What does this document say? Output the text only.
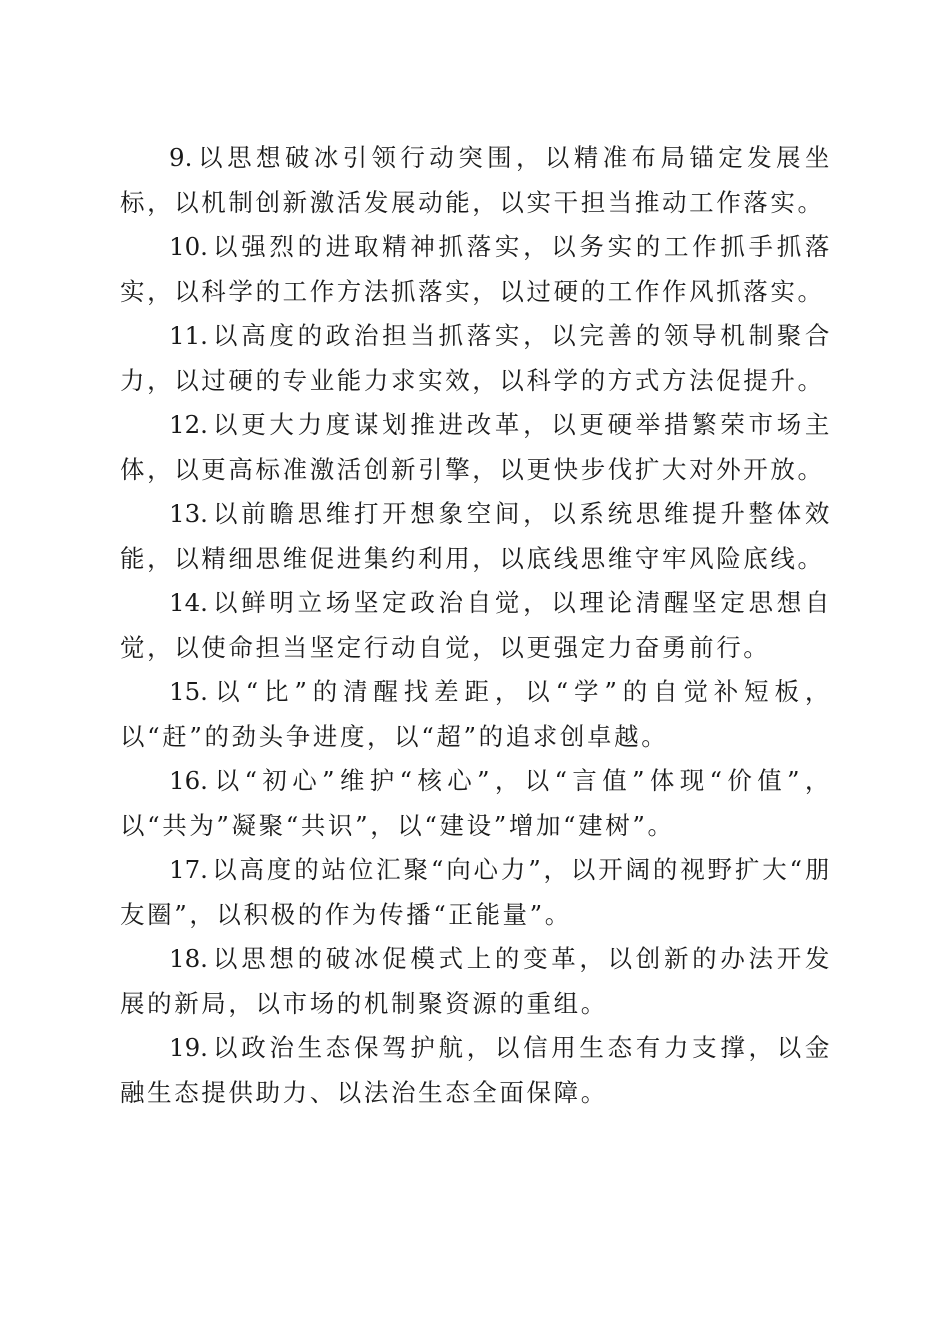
9. 以思想破冰引领行动突围，以精准布局锚定发展坐标，以机制创新激活发展动能，以实干担当推动工作落实。

10. 以强烈的进取精神抓落实，以务实的工作抓手抓落实，以科学的工作方法抓落实，以过硬的工作作风抓落实。

11. 以高度的政治担当抓落实，以完善的领导机制聚合力，以过硬的专业能力求实效，以科学的方式方法促提升。

12. 以更大力度谋划推进改革，以更硬举措繁荣市场主体，以更高标准激活创新引擎，以更快步伐扩大对外开放。

13. 以前瞻思维打开想象空间，以系统思维提升整体效能，以精细思维促进集约利用，以底线思维守牢风险底线。

14. 以鲜明立场坚定政治自觉，以理论清醒坚定思想自觉，以使命担当坚定行动自觉，以更强定力奋勇前行。

15. 以“比”的清醒找差距，以“学”的自觉补短板，以“赶”的劲头争进度，以“超”的追求创卓越。

16. 以“初心”维护“核心”，以“言值”体现“价值”，以“共为”凝聚“共识”，以“建设”增加“建树”。

17. 以高度的站位汇聚“向心力”，以开阔的视野扩大“朋友圈”，以积极的作为传播“正能量”。

18. 以思想的破冰促模式上的变革，以创新的办法开发展的新局，以市场的机制聚资源的重组。

19. 以政治生态保驾护航，以信用生态有力支撑，以金融生态提供助力、以法治生态全面保障。
